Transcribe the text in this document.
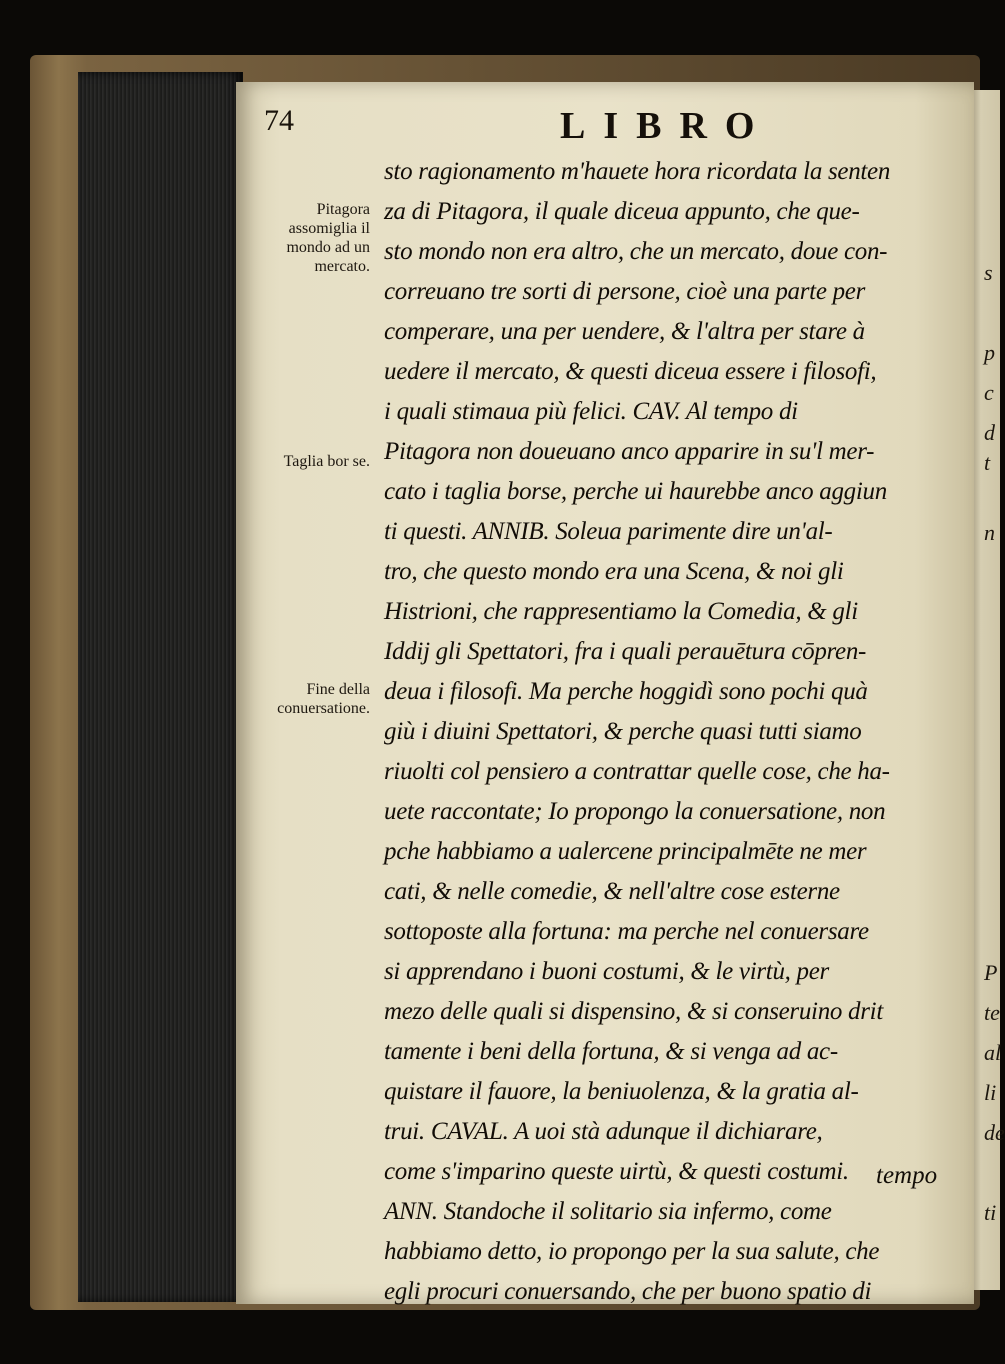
s
p
c
d
t
n
P
te
al
li
de
ti
74	LIBRO
Pitagora assomiglia il mondo ad un mercato.
Taglia bor se.
Fine della conuersatione.
sto ragionamento m'hauete hora ricordata la senten
za di Pitagora, il quale diceua appunto, che que-
sto mondo non era altro, che un mercato, doue con-
correuano tre sorti di persone, cioè una parte per
comperare, una per uendere, & l'altra per stare à
uedere il mercato, & questi diceua essere i filosofi,
i quali stimaua più felici. CAV. Al tempo di
Pitagora non doueuano anco apparire in su'l mer-
cato i taglia borse, perche ui haurebbe anco aggiun
ti questi. ANNIB. Soleua parimente dire un'al-
tro, che questo mondo era una Scena, & noi gli
Histrioni, che rappresentiamo la Comedia, & gli
Iddij gli Spettatori, fra i quali perauētura cōpren-
deua i filosofi. Ma perche hoggidì sono pochi quà
giù i diuini Spettatori, & perche quasi tutti siamo
riuolti col pensiero a contrattar quelle cose, che ha-
uete raccontate; Io propongo la conuersatione, non
pche habbiamo a ualercene principalmēte ne mer
cati, & nelle comedie, & nell'altre cose esterne
sottoposte alla fortuna: ma perche nel conuersare
si apprendano i buoni costumi, & le virtù, per
mezo delle quali si dispensino, & si conseruino drit
tamente i beni della fortuna, & si venga ad ac-
quistare il fauore, la beniuolenza, & la gratia al-
trui. CAVAL. A uoi stà adunque il dichiarare,
come s'imparino queste uirtù, & questi costumi.
ANN. Standoche il solitario sia infermo, come
habbiamo detto, io propongo per la sua salute, che
egli procuri conuersando, che per buono spatio di
tempo
